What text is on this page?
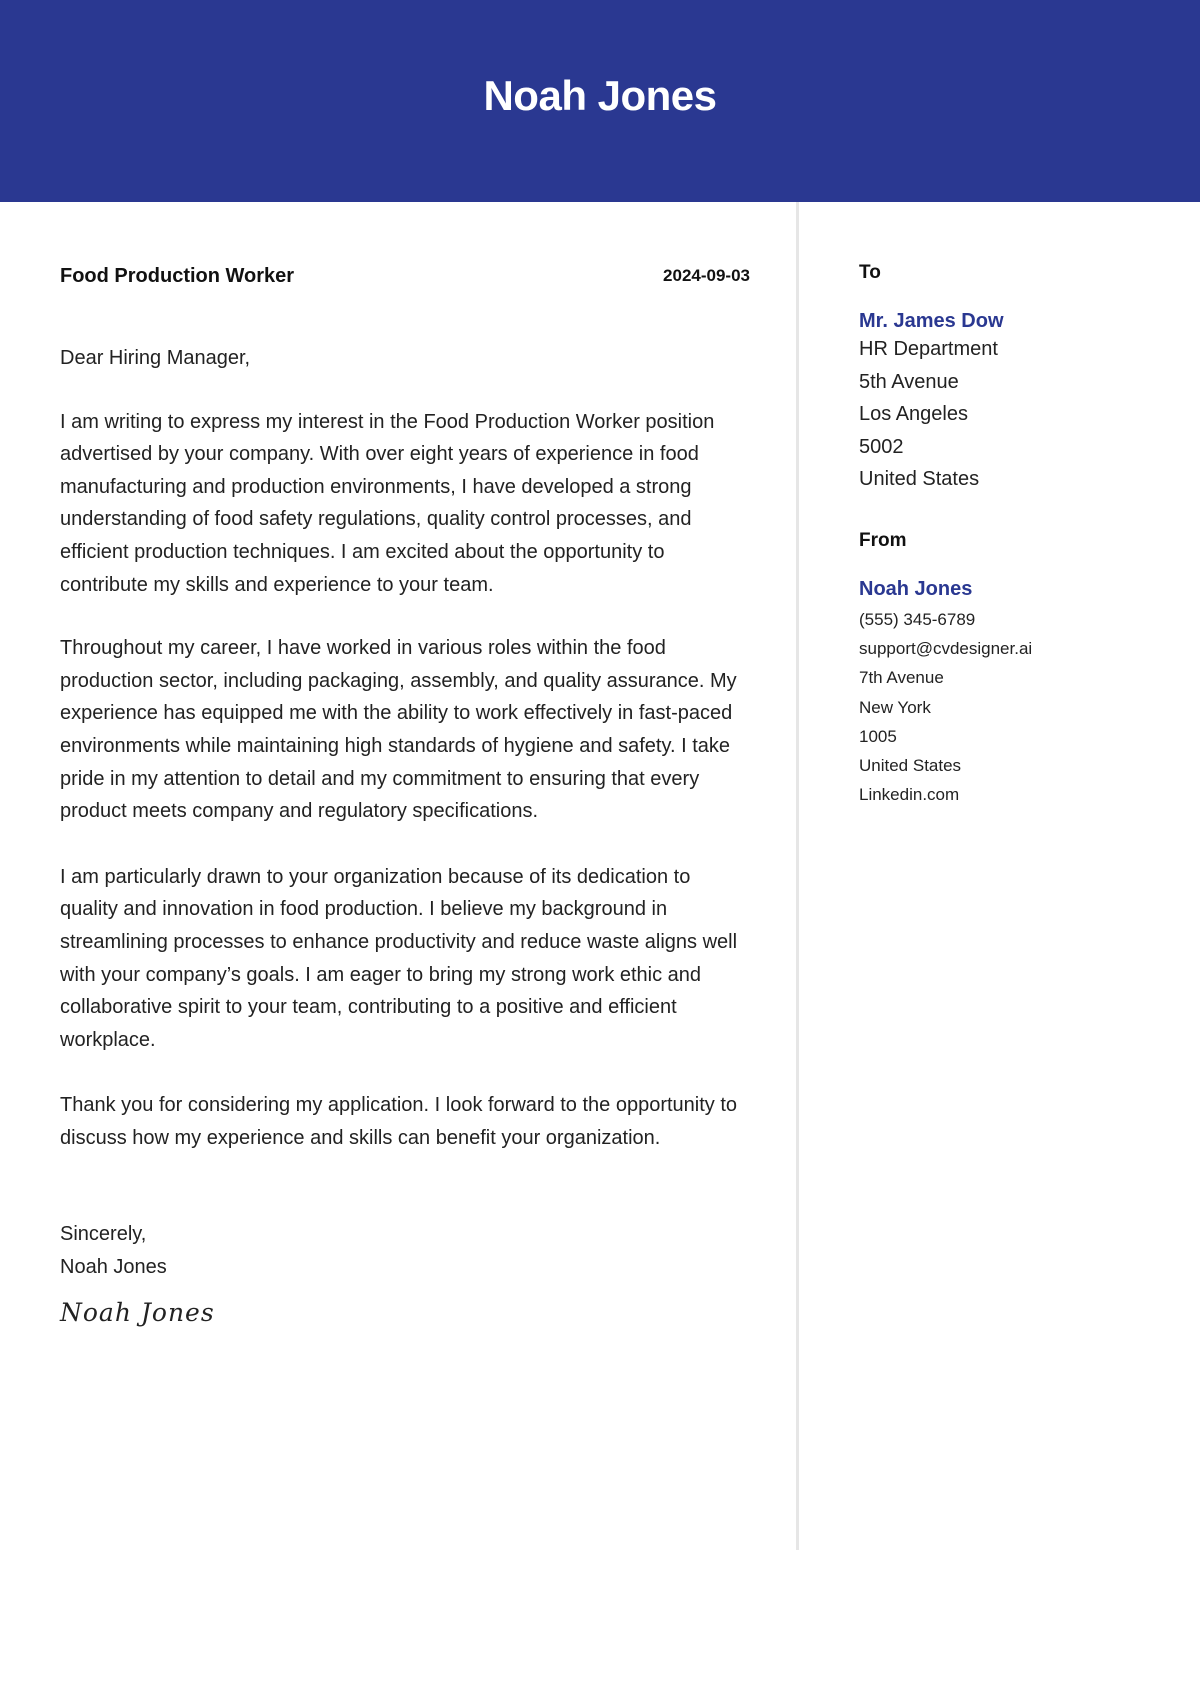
Noah Jones
Food Production Worker	2024-09-03

Dear Hiring Manager,

I am writing to express my interest in the Food Production Worker position advertised by your company. With over eight years of experience in food manufacturing and production environments, I have developed a strong understanding of food safety regulations, quality control processes, and efficient production techniques. I am excited about the opportunity to contribute my skills and experience to your team.

Throughout my career, I have worked in various roles within the food production sector, including packaging, assembly, and quality assurance. My experience has equipped me with the ability to work effectively in fast-paced environments while maintaining high standards of hygiene and safety. I take pride in my attention to detail and my commitment to ensuring that every product meets company and regulatory specifications.

I am particularly drawn to your organization because of its dedication to quality and innovation in food production. I believe my background in streamlining processes to enhance productivity and reduce waste aligns well with your company’s goals. I am eager to bring my strong work ethic and collaborative spirit to your team, contributing to a positive and efficient workplace.

Thank you for considering my application. I look forward to the opportunity to discuss how my experience and skills can benefit your organization.

Sincerely,

Noah Jones

Noah Jones
To
Mr. James Dow
HR Department
5th Avenue
Los Angeles
5002
United States
From
Noah Jones
(555) 345-6789
support@cvdesigner.ai
7th Avenue
New York
1005
United States
Linkedin.com
